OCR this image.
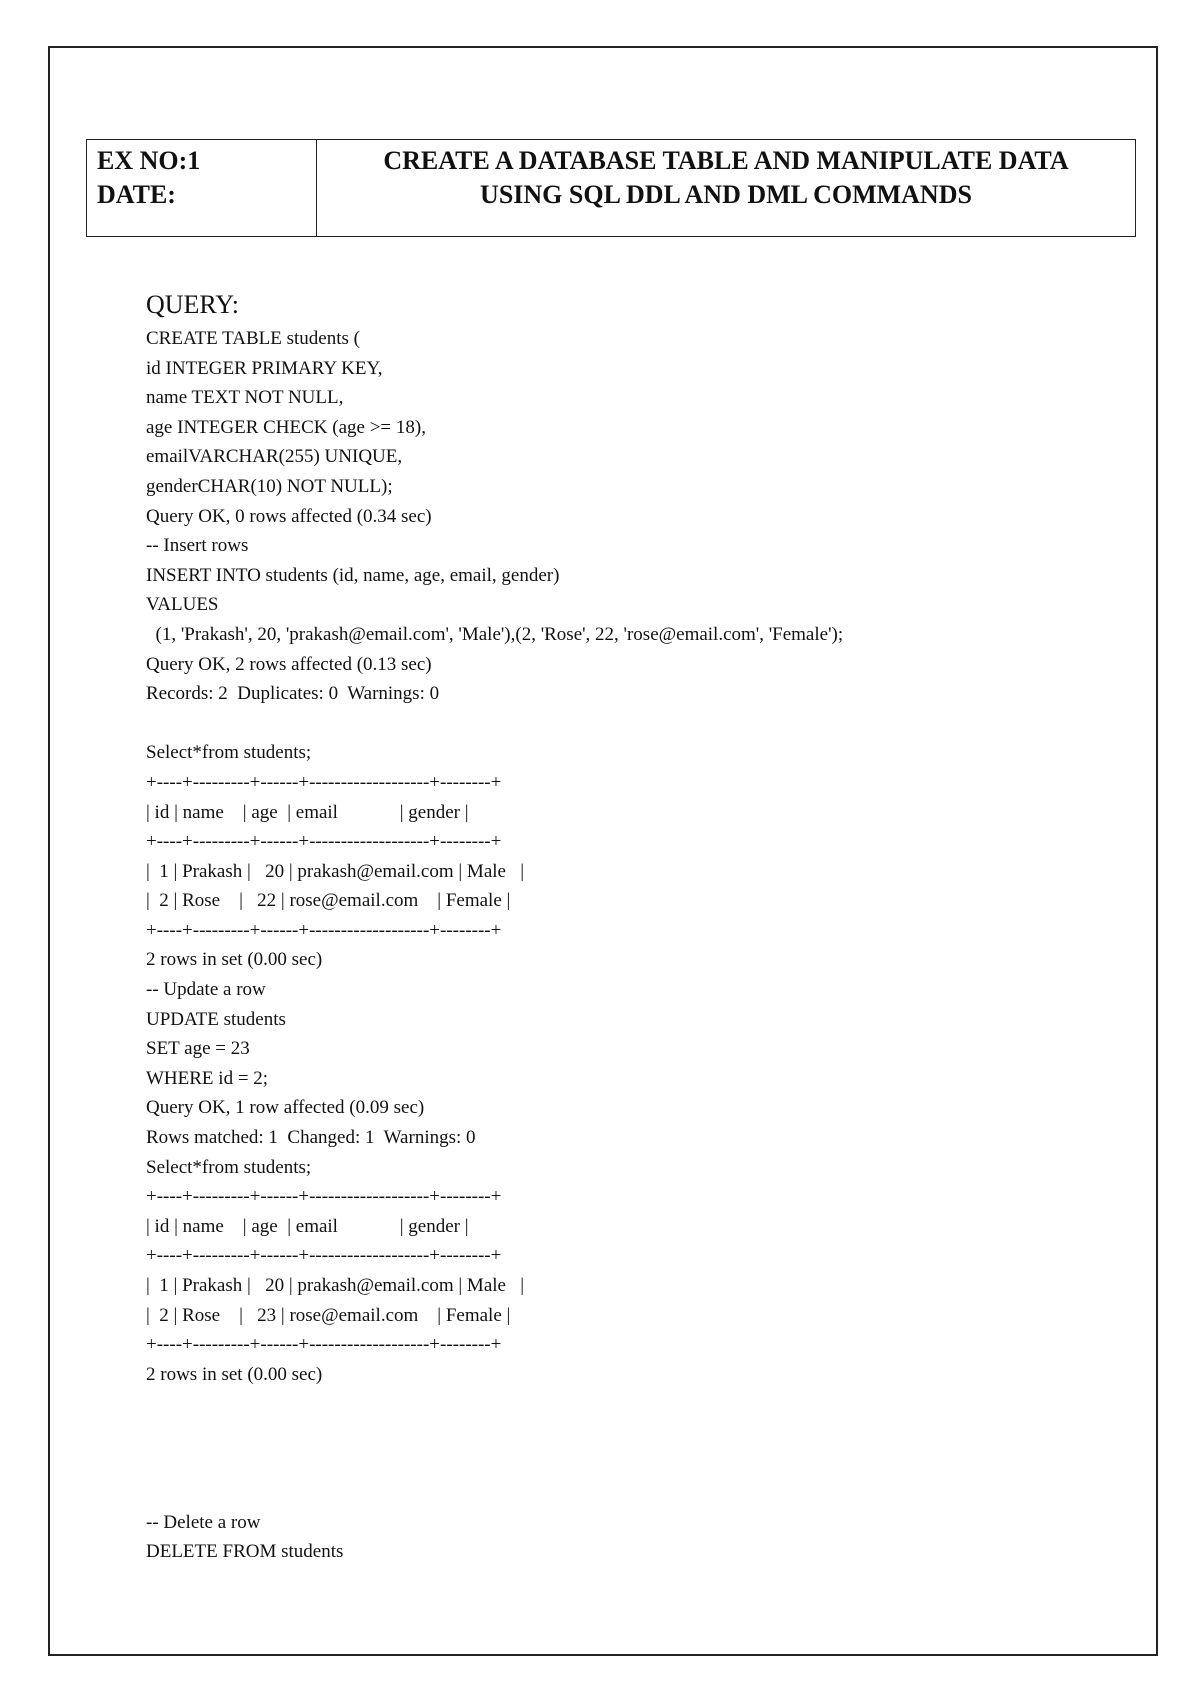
EX NO:1
DATE:
CREATE A DATABASE TABLE AND MANIPULATE DATA
USING SQL DDL AND DML COMMANDS
QUERY:
CREATE TABLE students (
id INTEGER PRIMARY KEY,
name TEXT NOT NULL,
age INTEGER CHECK (age >= 18),
emailVARCHAR(255) UNIQUE,
genderCHAR(10) NOT NULL);
Query OK, 0 rows affected (0.34 sec)
-- Insert rows
INSERT INTO students (id, name, age, email, gender)
VALUES
(1, 'Prakash', 20, 'prakash@email.com', 'Male'),(2, 'Rose', 22, 'rose@email.com', 'Female');
Query OK, 2 rows affected (0.13 sec)
Records: 2  Duplicates: 0  Warnings: 0
Select*from students;
+----+---------+------+-------------------+--------+
| id | name    | age  | email             | gender |
+----+---------+------+-------------------+--------+
|  1 | Prakash |   20 | prakash@email.com | Male   |
|  2 | Rose    |   22 | rose@email.com    | Female |
+----+---------+------+-------------------+--------+
2 rows in set (0.00 sec)
-- Update a row
UPDATE students
SET age = 23
WHERE id = 2;
Query OK, 1 row affected (0.09 sec)
Rows matched: 1  Changed: 1  Warnings: 0
Select*from students;
+----+---------+------+-------------------+--------+
| id | name    | age  | email             | gender |
+----+---------+------+-------------------+--------+
|  1 | Prakash |   20 | prakash@email.com | Male   |
|  2 | Rose    |   23 | rose@email.com    | Female |
+----+---------+------+-------------------+--------+
2 rows in set (0.00 sec)
-- Delete a row
DELETE FROM students
